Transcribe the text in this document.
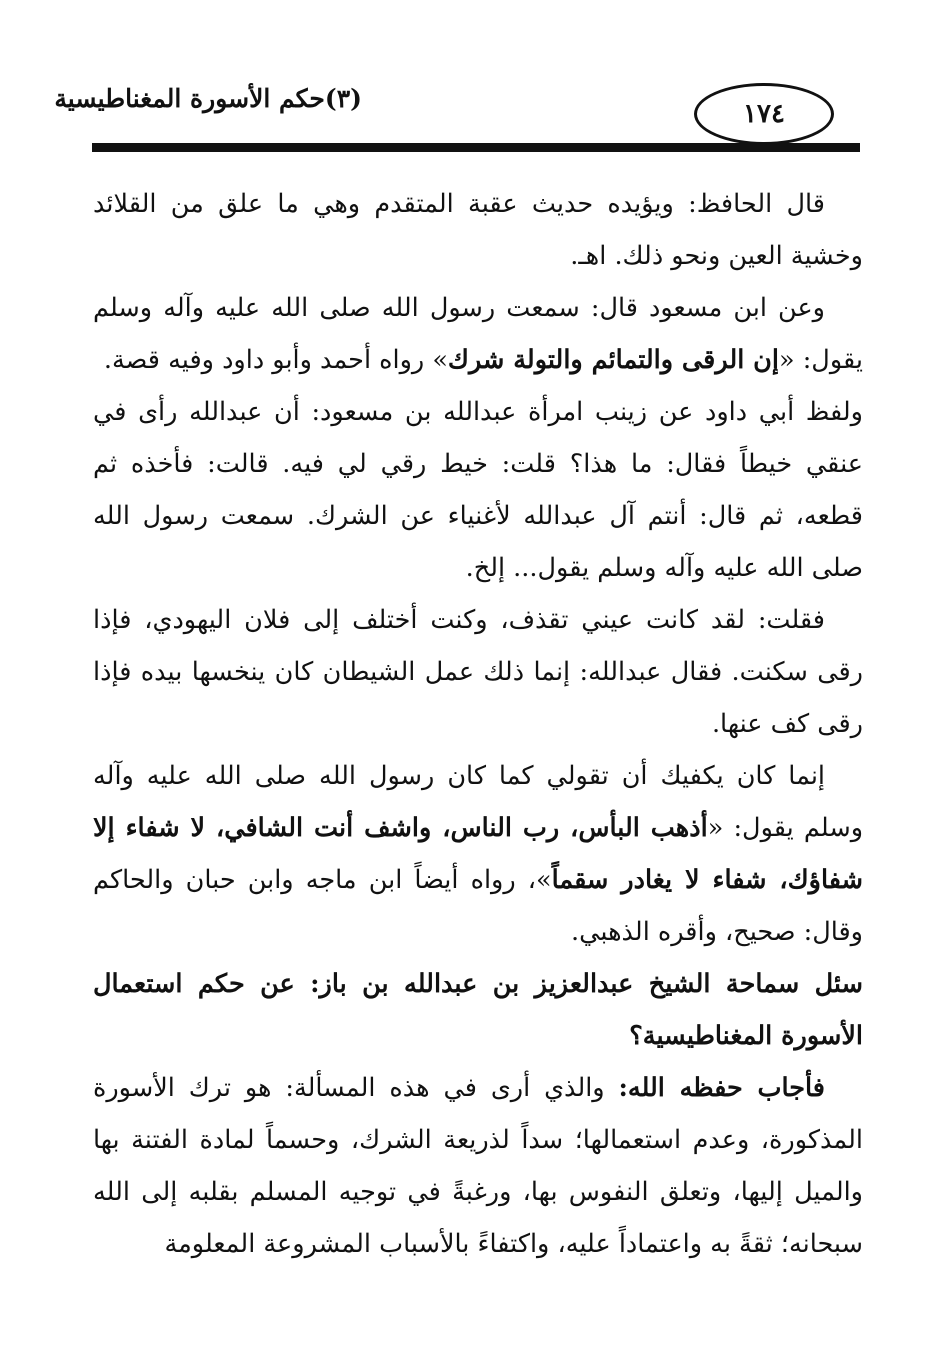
١٧٤
(٣)حكم الأسورة المغناطيسية

قال الحافظ: ويؤيده حديث عقبة المتقدم وهي ما علق من القلائد وخشية العين ونحو ذلك. اهـ.

وعن ابن مسعود قال: سمعت رسول الله صلى الله عليه وآله وسلم يقول: «إن الرقى والتمائم والتولة شرك» رواه أحمد وأبو داود وفيه قصة.

ولفظ أبي داود عن زينب امرأة عبدالله بن مسعود: أن عبدالله رأى في عنقي خيطاً فقال: ما هذا؟ قلت: خيط رقي لي فيه. قالت: فأخذه ثم قطعه، ثم قال: أنتم آل عبدالله لأغنياء عن الشرك. سمعت رسول الله صلى الله عليه وآله وسلم يقول... إلخ.

فقلت: لقد كانت عيني تقذف، وكنت أختلف إلى فلان اليهودي، فإذا رقى سكنت. فقال عبدالله: إنما ذلك عمل الشيطان كان ينخسها بيده فإذا رقى كف عنها.

إنما كان يكفيك أن تقولي كما كان رسول الله صلى الله عليه وآله وسلم يقول: «أذهب البأس، رب الناس، واشف أنت الشافي، لا شفاء إلا شفاؤك، شفاء لا يغادر سقماً»، رواه أيضاً ابن ماجه وابن حبان والحاكم وقال: صحيح، وأقره الذهبي.

سئل سماحة الشيخ عبدالعزيز بن عبدالله بن باز: عن حكم استعمال الأسورة المغناطيسية؟

فأجاب حفظه الله: والذي أرى في هذه المسألة: هو ترك الأسورة المذكورة، وعدم استعمالها؛ سداً لذريعة الشرك، وحسماً لمادة الفتنة بها والميل إليها، وتعلق النفوس بها، ورغبةً في توجيه المسلم بقلبه إلى الله سبحانه؛ ثقةً به واعتماداً عليه، واكتفاءً بالأسباب المشروعة المعلومة
